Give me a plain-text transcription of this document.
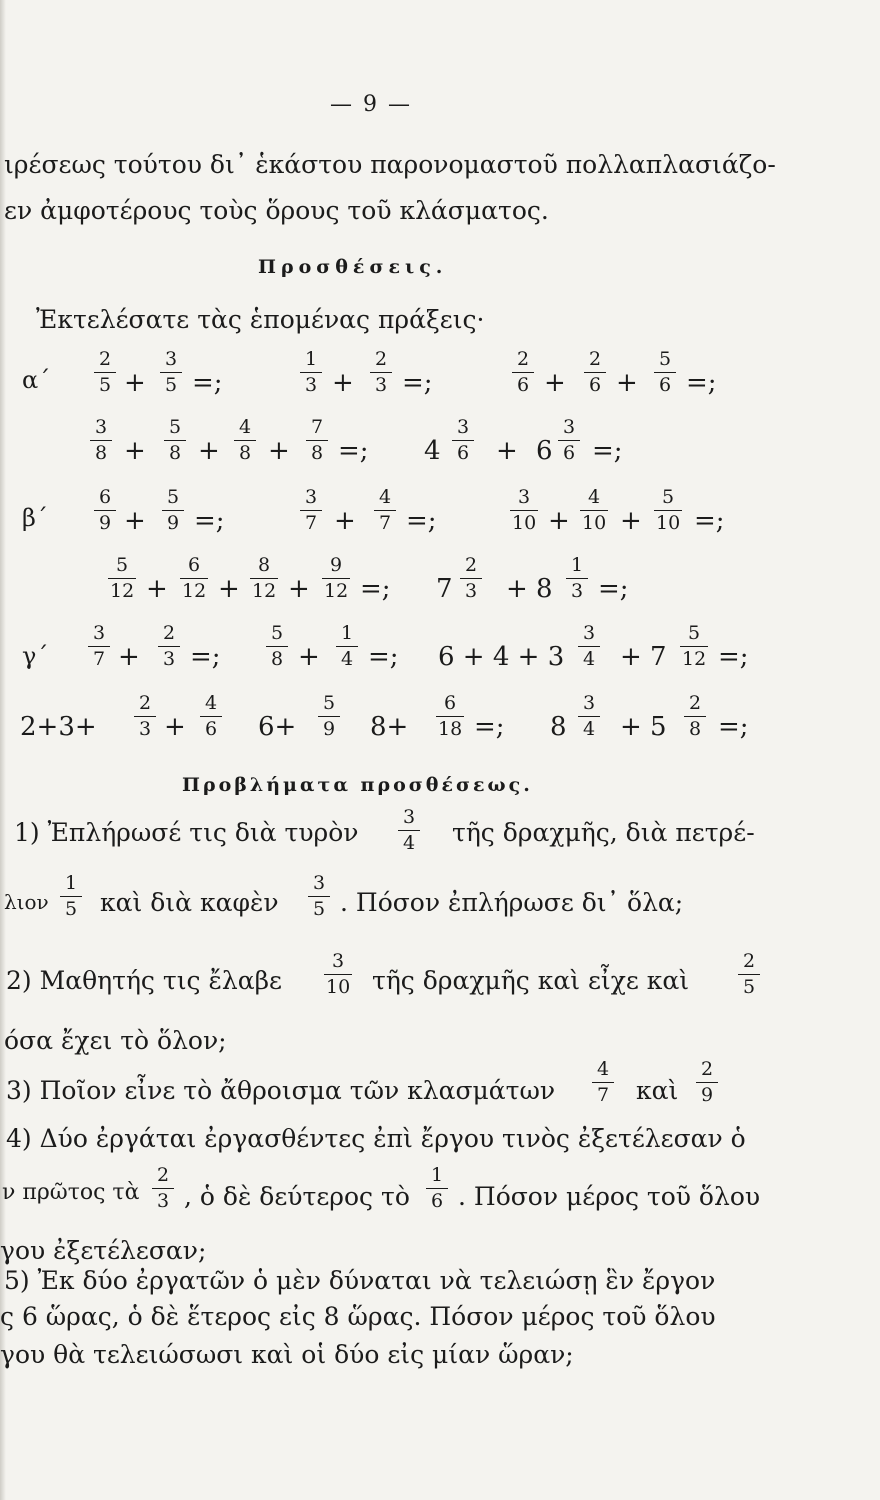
— 9 —
ιρέσεως τούτου δι᾽ ἑκάστου παρονομαστοῦ πολλαπλασιάζο-
εν ἀμφοτέρους τοὺς ὅρους τοῦ κλάσματος.
Προσθέσεις.
Ἐκτελέσατε τὰς ἑπομένας πράξεις·
α΄
2
5 +
3
5 =;
1
3 +
2
3 =;
2
6 +
2
6 +
5
6 =;
3
8 +
5
8 +
4
8 +
7
8 =; 4
3
6 + 6
3
6 =;
β΄
6
9 +
5
9 =;
3
7 +
4
7 =;
3
10 +
4
10 +
5
10 =;
5
12 +
6
12 +
8
12 +
9
12 =; 7
2
3 + 8
1
3 =;
γ΄
3
7 +
2
3 =;
5
8 +
1
4 =; 6 + 4 + 3
3
4 + 7
5
12 =;
2+3+
2
3 +
4
6 6+
5
9 8+
6
18 =; 8
3
4 + 5
2
8 =;
Προβλήματα προσθέσεως.
1) Ἐπλήρωσέ τις διὰ τυρὸν
3
4 τῆς δραχμῆς, διὰ πετρέ-
λιον
1
5 καὶ διὰ καφὲν
3
5 . Πόσον ἐπλήρωσε δι᾽ ὅλα;
2) Μαθητής τις ἔλαβε
3
10 τῆς δραχμῆς καὶ εἶχε καὶ
2
5
όσα ἔχει τὸ ὅλον;
3) Ποῖον εἶνε τὸ ἄθροισμα τῶν κλασμάτων
4
7 καὶ
2
9
4) Δύο ἐργάται ἐργασθέντες ἐπὶ ἔργου τινὸς ἐξετέλεσαν ὁ
ν πρῶτος τὰ
2
3 , ὁ δὲ δεύτερος τὸ
1
6 . Πόσον μέρος τοῦ ὅλου
γου ἐξετέλεσαν;
5) Ἐκ δύο ἐργατῶν ὁ μὲν δύναται νὰ τελειώσῃ ἓν ἔργον
ς 6 ὥρας, ὁ δὲ ἕτερος εἰς 8 ὥρας. Πόσον μέρος τοῦ ὅλου
γου θὰ τελειώσωσι καὶ οἱ δύο εἰς μίαν ὥραν;
